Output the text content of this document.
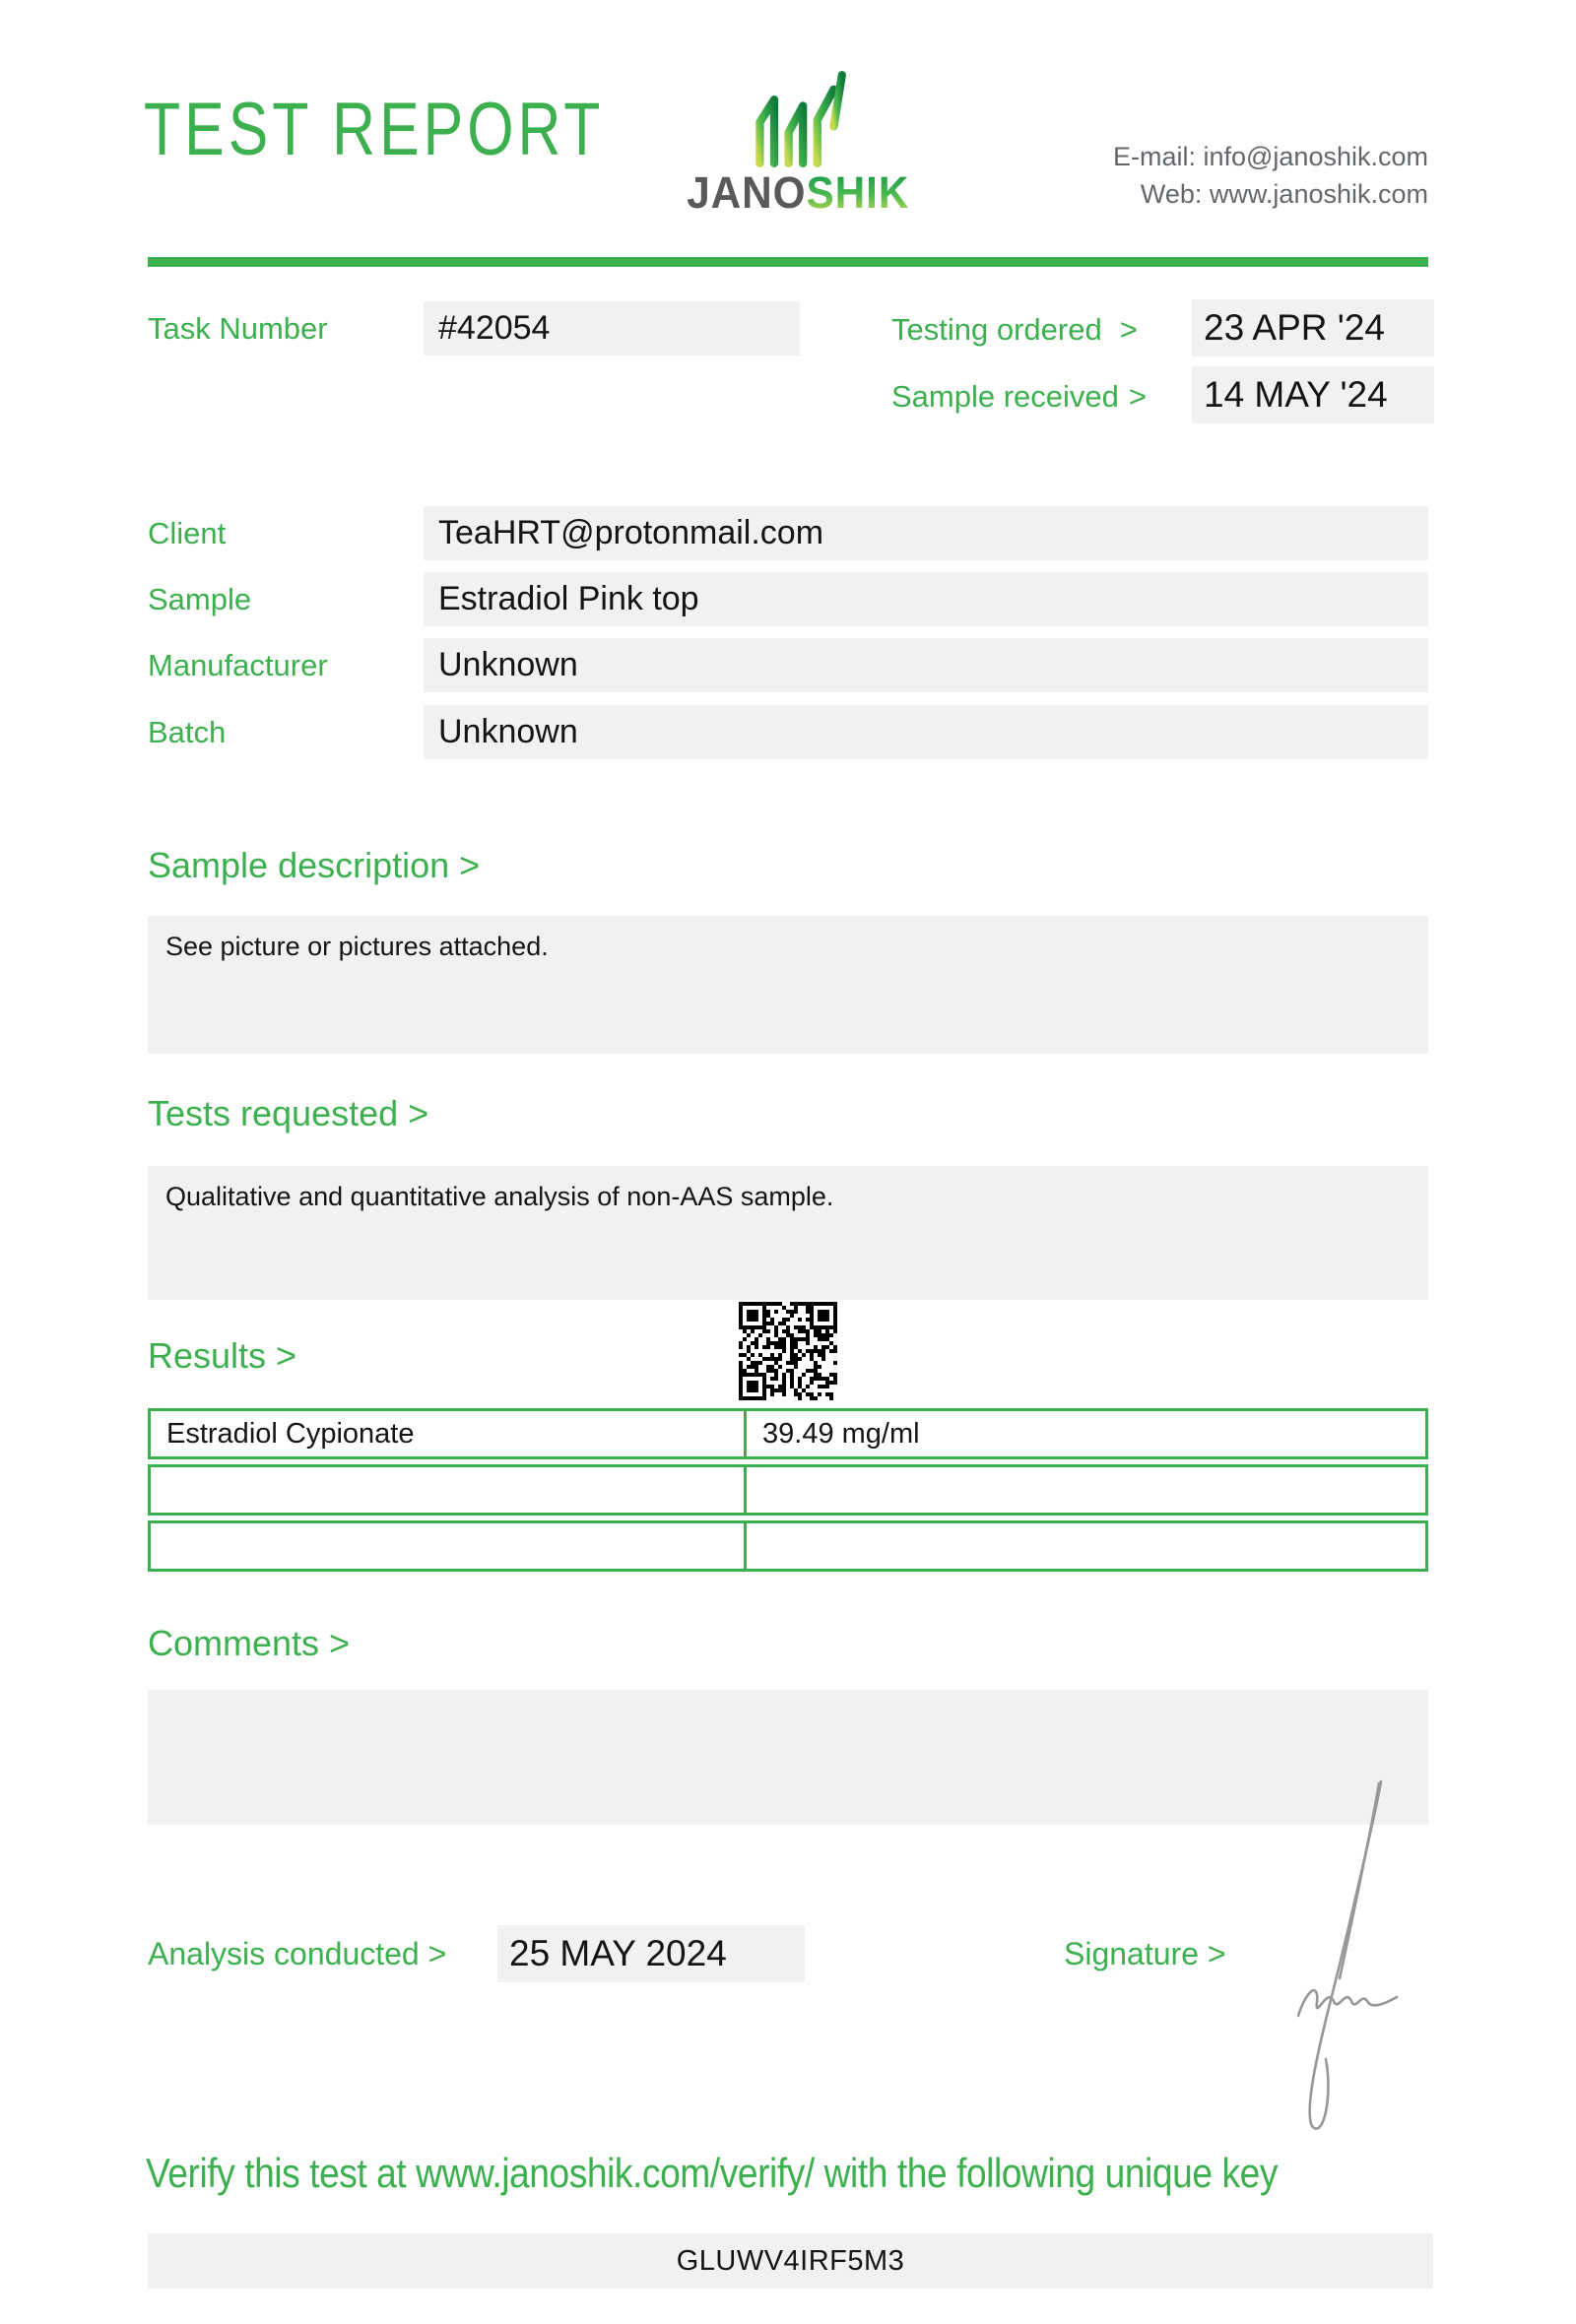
TEST REPORT
JANOSHIK
E-mail: info@janoshik.com
Web: www.janoshik.com
Task Number	#42054	Testing ordered > 23 APR '24
Sample received > 14 MAY '24
Client	TeaHRT@protonmail.com
Sample	Estradiol Pink top
Manufacturer	Unknown
Batch	Unknown
Sample description >
See picture or pictures attached.
Tests requested >
Qualitative and quantitative analysis of non-AAS sample.
Results >
Estradiol Cypionate	39.49 mg/ml
Comments >
Analysis conducted > 25 MAY 2024	Signature >
Verify this test at www.janoshik.com/verify/ with the following unique key
GLUWV4IRF5M3
